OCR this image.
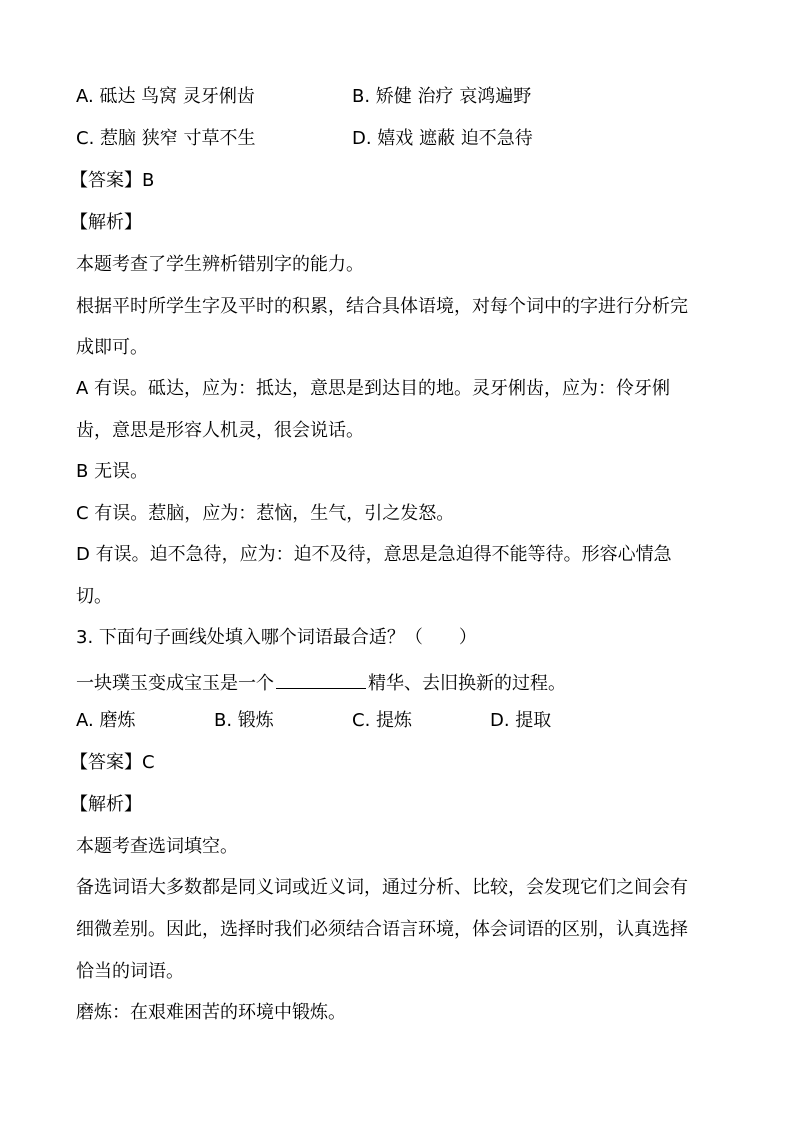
A. 砥达 鸟窝 灵牙俐齿	B. 矫健 治疗 哀鸿遍野
C. 惹脑 狭窄 寸草不生	D. 嬉戏 遮蔽 迫不急待
【答案】B
【解析】
本题考查了学生辨析错别字的能力。
根据平时所学生字及平时的积累，结合具体语境，对每个词中的字进行分析完
成即可。
A 有误。砥达，应为：抵达，意思是到达目的地。灵牙俐齿，应为：伶牙俐
齿，意思是形容人机灵，很会说话。
B 无误。
C 有误。惹脑，应为：惹恼，生气，引之发怒。
D 有误。迫不急待，应为：迫不及待，意思是急迫得不能等待。形容心情急
切。
3. 下面句子画线处填入哪个词语最合适？（　　）
一块璞玉变成宝玉是一个	精华、去旧换新的过程。
A. 磨炼	B. 锻炼	C. 提炼	D. 提取
【答案】C
【解析】
本题考查选词填空。
备选词语大多数都是同义词或近义词，通过分析、比较，会发现它们之间会有
细微差别。因此，选择时我们必须结合语言环境，体会词语的区别，认真选择
恰当的词语。
磨炼：在艰难困苦的环境中锻炼。
